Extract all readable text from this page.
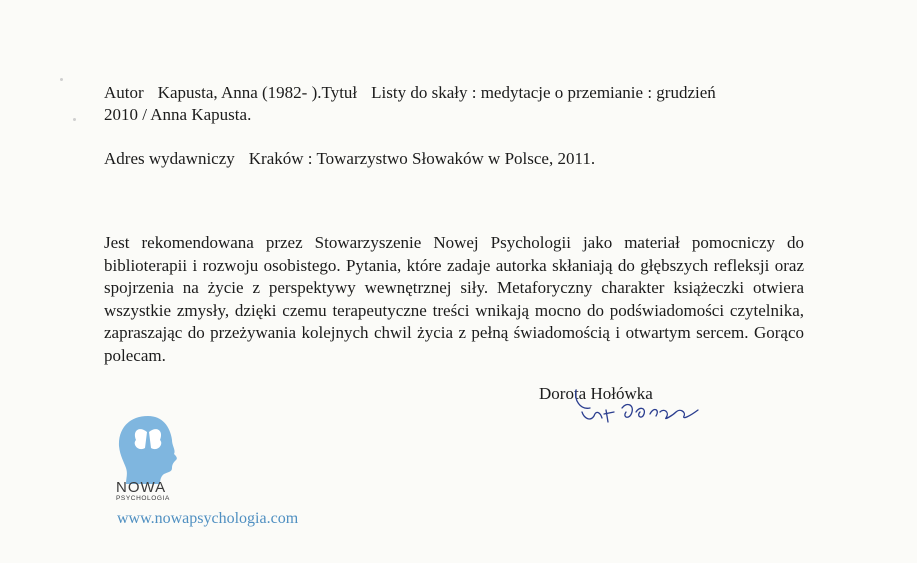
Autor Kapusta, Anna (1982- ).Tytuł Listy do skały : medytacje o przemianie : grudzień
2010 / Anna Kapusta.
Adres wydawniczy Kraków : Towarzystwo Słowaków w Polsce, 2011.
Jest rekomendowana przez Stowarzyszenie Nowej Psychologii jako materiał pomocniczy do biblioterapii i rozwoju osobistego. Pytania, które zadaje autorka skłaniają do głębszych refleksji oraz spojrzenia na życie z perspektywy wewnętrznej siły. Metaforyczny charakter książeczki otwiera wszystkie zmysły, dzięki czemu terapeutyczne treści wnikają mocno do podświadomości czytelnika, zapraszając do przeżywania kolejnych chwil życia z pełną świadomością i otwartym sercem. Gorąco polecam.
Dorota Hołówka
NOWA
PSYCHOLOGIA
www.nowapsychologia.com
